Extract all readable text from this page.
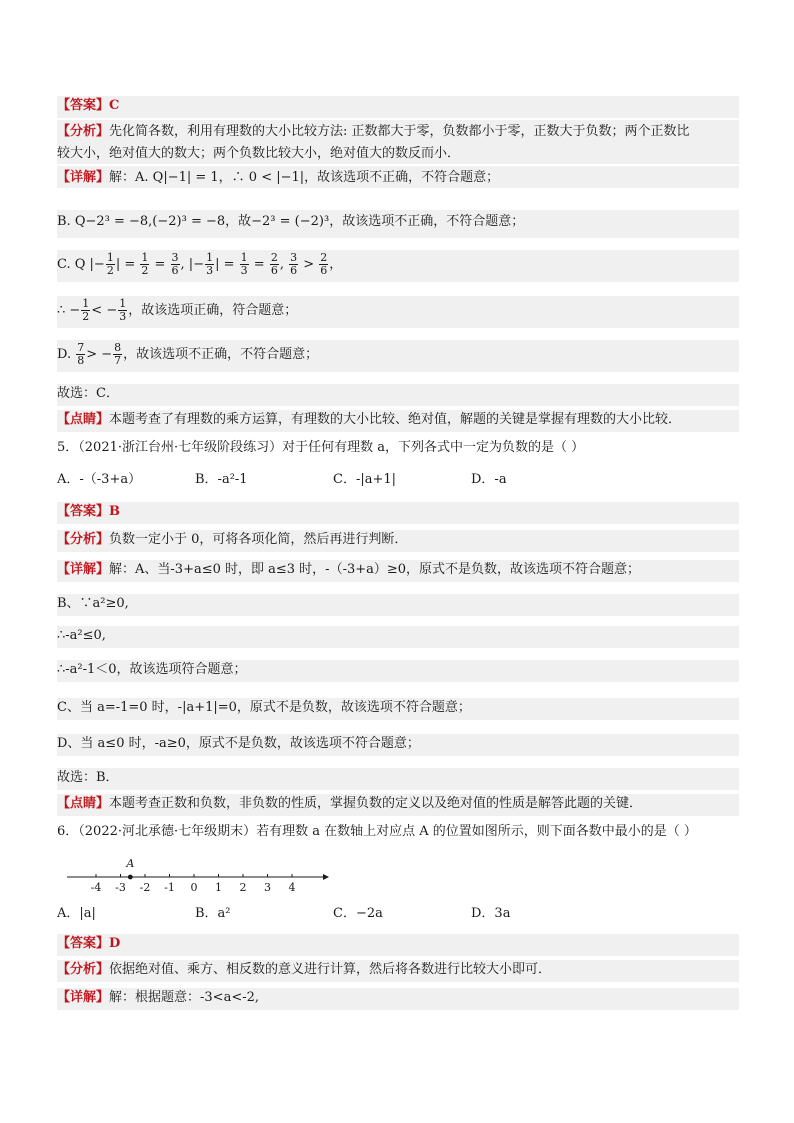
【答案】C
【分析】先化简各数，利用有理数的大小比较方法: 正数都大于零，负数都小于零，正数大于负数；两个正数比
较大小，绝对值大的数大；两个负数比较大小，绝对值大的数反而小．
【详解】解：A. Q|−1| = 1，∴ 0 < |−1|，故该选项不正确，不符合题意；
B. Q−2³ = −8,(−2)³ = −8，故−2³ = (−2)³，故该选项不正确，不符合题意；
C. Q |− $\frac{1}{2}$ | = $\frac{1}{2} = \frac{3}{6}$ , |− $\frac{1}{3}$ | = $\frac{1}{3} = \frac{2}{6}$ , $\frac{3}{6} > \frac{2}{6}$ ，
∴ − $\frac{1}{2}$ < − $\frac{1}{3}$ ，故该选项正确，符合题意；
D. $\frac{7}{8}$ > − $\frac{8}{7}$ ，故该选项不正确，不符合题意；
故选：C．
【点睛】本题考查了有理数的乘方运算，有理数的大小比较、绝对值，解题的关键是掌握有理数的大小比较．
5．（2021·浙江台州·七年级阶段练习）对于任何有理数 a，下列各式中一定为负数的是（ ）
A．-（-3+a）	B．-a²-1	C．-|a+1|	D．-a
【答案】B
【分析】负数一定小于 0，可将各项化简，然后再进行判断．
【详解】解：A、当-3+a≤0 时，即 a≤3 时，-（-3+a）≥0，原式不是负数，故该选项不符合题意；
B、∵a²≥0,
∴-a²≤0,
∴-a²-1＜0，故该选项符合题意；
C、当 a=-1=0 时，-|a+1|=0，原式不是负数，故该选项不符合题意；
D、当 a≤0 时，-a≥0，原式不是负数，故该选项不符合题意；
故选：B．
【点睛】本题考查正数和负数，非负数的性质，掌握负数的定义以及绝对值的性质是解答此题的关键．
6．（2022·河北承德·七年级期末）若有理数 a 在数轴上对应点 A 的位置如图所示，则下面各数中最小的是（ ）
-4 -3 -2 -1 0 1 2 3 4
A
A．|a|	B．a²	C．−2a	D．3a
【答案】D
【分析】依据绝对值、乘方、相反数的意义进行计算，然后将各数进行比较大小即可．
【详解】解：根据题意：-3<a<-2,
